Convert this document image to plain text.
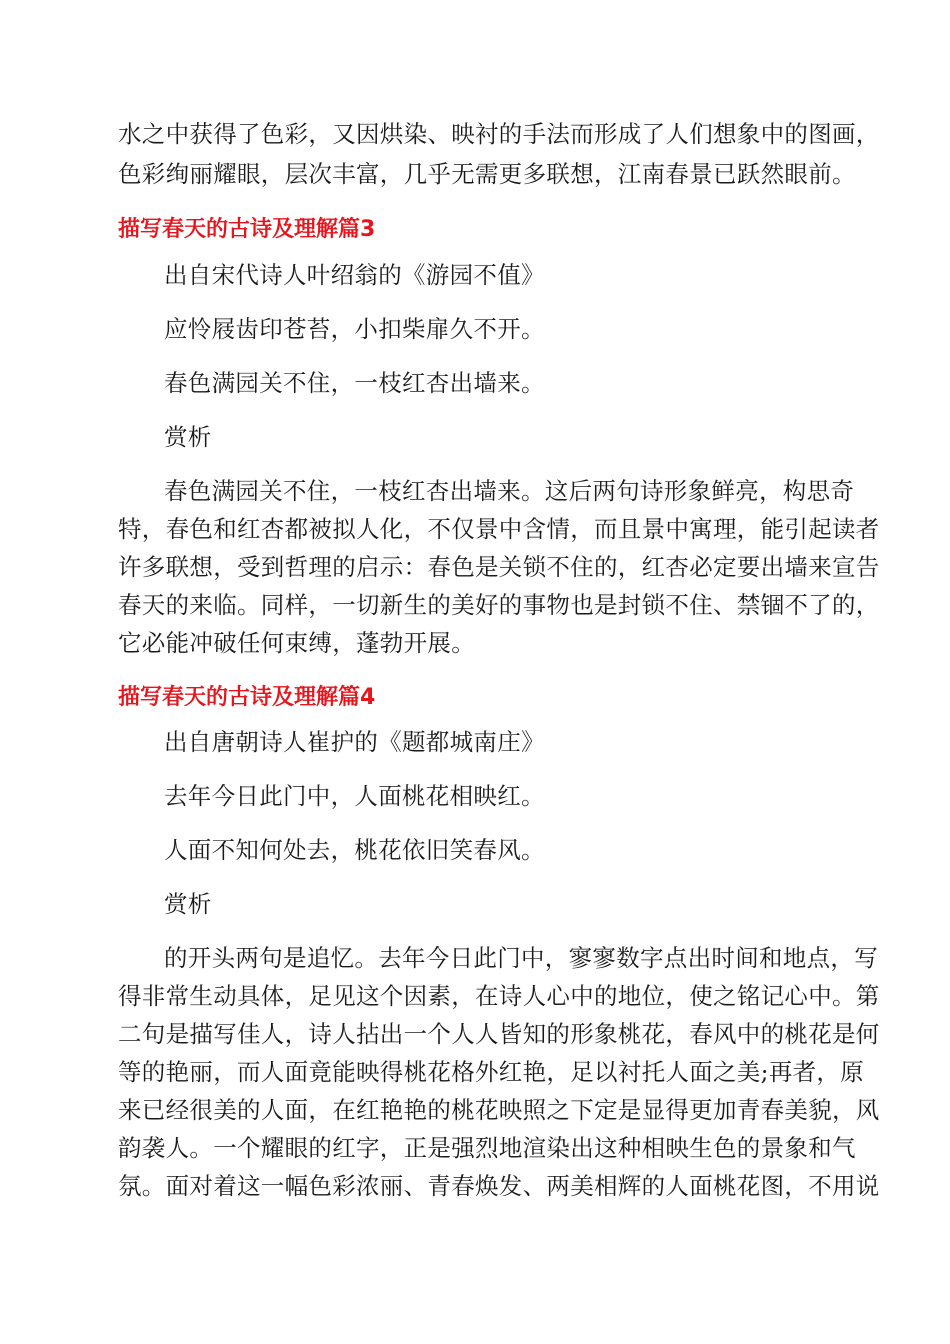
水之中获得了色彩，又因烘染、映衬的手法而形成了人们想象中的图画，
色彩绚丽耀眼，层次丰富，几乎无需更多联想，江南春景已跃然眼前。
描写春天的古诗及理解篇3
出自宋代诗人叶绍翁的《游园不值》
应怜屐齿印苍苔，小扣柴扉久不开。
春色满园关不住，一枝红杏出墙来。
赏析
春色满园关不住，一枝红杏出墙来。这后两句诗形象鲜亮，构思奇
特，春色和红杏都被拟人化，不仅景中含情，而且景中寓理，能引起读者
许多联想，受到哲理的启示：春色是关锁不住的，红杏必定要出墙来宣告
春天的来临。同样，一切新生的美好的事物也是封锁不住、禁锢不了的，
它必能冲破任何束缚，蓬勃开展。
描写春天的古诗及理解篇4
出自唐朝诗人崔护的《题都城南庄》
去年今日此门中，人面桃花相映红。
人面不知何处去，桃花依旧笑春风。
赏析
的开头两句是追忆。去年今日此门中，寥寥数字点出时间和地点，写
得非常生动具体，足见这个因素，在诗人心中的地位，使之铭记心中。第
二句是描写佳人，诗人拈出一个人人皆知的形象桃花，春风中的桃花是何
等的艳丽，而人面竟能映得桃花格外红艳，足以衬托人面之美;再者，原
来已经很美的人面，在红艳艳的桃花映照之下定是显得更加青春美貌，风
韵袭人。一个耀眼的红字，正是强烈地渲染出这种相映生色的景象和气
氛。面对着这一幅色彩浓丽、青春焕发、两美相辉的人面桃花图，不用说
